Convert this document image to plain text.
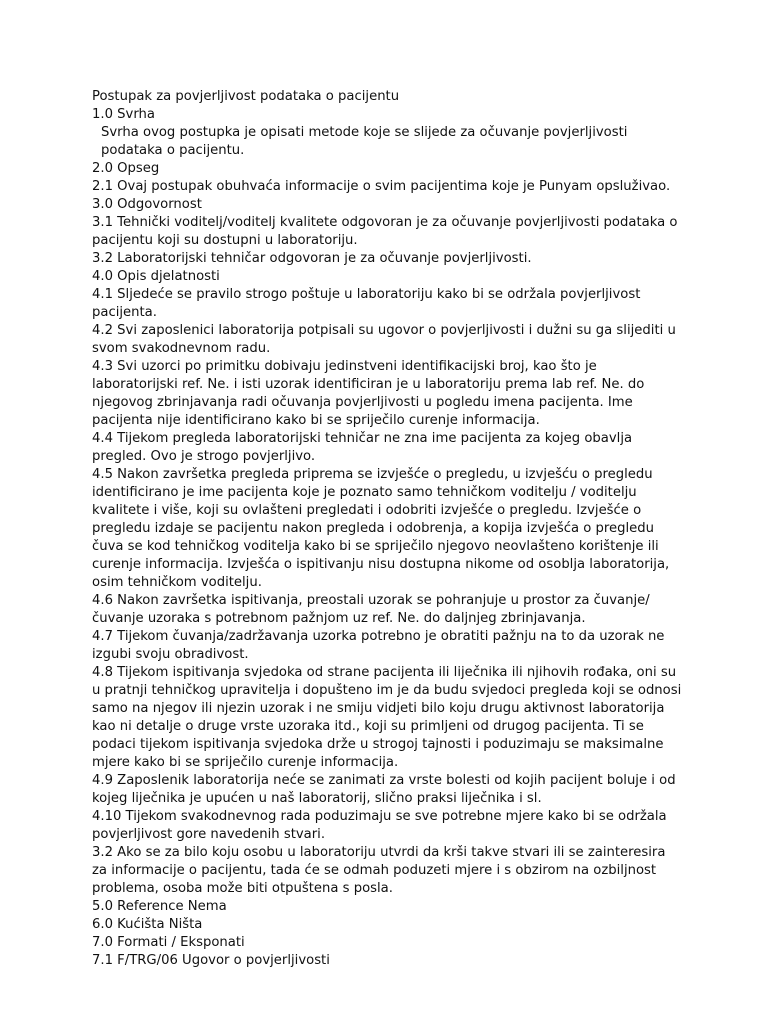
Postupak za povjerljivost podataka o pacijentu

1.0 Svrha

Svrha ovog postupka je opisati metode koje se slijede za očuvanje povjerljivosti podataka o pacijentu.

2.0 Opseg

2.1 Ovaj postupak obuhvaća informacije o svim pacijentima koje je Punyam opsluživao.

3.0 Odgovornost

3.1 Tehnički voditelj/voditelj kvalitete odgovoran je za očuvanje povjerljivosti podataka o pacijentu koji su dostupni u laboratoriju.

3.2 Laboratorijski tehničar odgovoran je za očuvanje povjerljivosti.

4.0 Opis djelatnosti

4.1 Sljedeće se pravilo strogo poštuje u laboratoriju kako bi se održala povjerljivost pacijenta.

4.2 Svi zaposlenici laboratorija potpisali su ugovor o povjerljivosti i dužni su ga slijediti u svom svakodnevnom radu.

4.3 Svi uzorci po primitku dobivaju jedinstveni identifikacijski broj, kao što je laboratorijski ref. Ne. i isti uzorak identificiran je u laboratoriju prema lab ref. Ne. do njegovog zbrinjavanja radi očuvanja povjerljivosti u pogledu imena pacijenta. Ime pacijenta nije identificirano kako bi se spriječilo curenje informacija.

4.4 Tijekom pregleda laboratorijski tehničar ne zna ime pacijenta za kojeg obavlja pregled. Ovo je strogo povjerljivo.

4.5 Nakon završetka pregleda priprema se izvješće o pregledu, u izvješću o pregledu identificirano je ime pacijenta koje je poznato samo tehničkom voditelju / voditelju kvalitete i više, koji su ovlašteni pregledati i odobriti izvješće o pregledu. Izvješće o pregledu izdaje se pacijentu nakon pregleda i odobrenja, a kopija izvješća o pregledu čuva se kod tehničkog voditelja kako bi se spriječilo njegovo neovlašteno korištenje ili curenje informacija. Izvješća o ispitivanju nisu dostupna nikome od osoblja laboratorija, osim tehničkom voditelju.

4.6 Nakon završetka ispitivanja, preostali uzorak se pohranjuje u prostor za čuvanje/čuvanje uzoraka s potrebnom pažnjom uz ref. Ne. do daljnjeg zbrinjavanja.

4.7 Tijekom čuvanja/zadržavanja uzorka potrebno je obratiti pažnju na to da uzorak ne izgubi svoju obradivost.

4.8 Tijekom ispitivanja svjedoka od strane pacijenta ili liječnika ili njihovih rođaka, oni su u pratnji tehničkog upravitelja i dopušteno im je da budu svjedoci pregleda koji se odnosi samo na njegov ili njezin uzorak i ne smiju vidjeti bilo koju drugu aktivnost laboratorija kao ni detalje o druge vrste uzoraka itd., koji su primljeni od drugog pacijenta. Ti se podaci tijekom ispitivanja svjedoka drže u strogoj tajnosti i poduzimaju se maksimalne mjere kako bi se spriječilo curenje informacija.

4.9 Zaposlenik laboratorija neće se zanimati za vrste bolesti od kojih pacijent boluje i od kojeg liječnika je upućen u naš laboratorij, slično praksi liječnika i sl.

4.10 Tijekom svakodnevnog rada poduzimaju se sve potrebne mjere kako bi se održala povjerljivost gore navedenih stvari.

3.2 Ako se za bilo koju osobu u laboratoriju utvrdi da krši takve stvari ili se zainteresira za informacije o pacijentu, tada će se odmah poduzeti mjere i s obzirom na ozbiljnost problema, osoba može biti otpuštena s posla.

5.0 Reference Nema

6.0 Kućišta Ništa

7.0 Formati / Eksponati

7.1 F/TRG/06 Ugovor o povjerljivosti
